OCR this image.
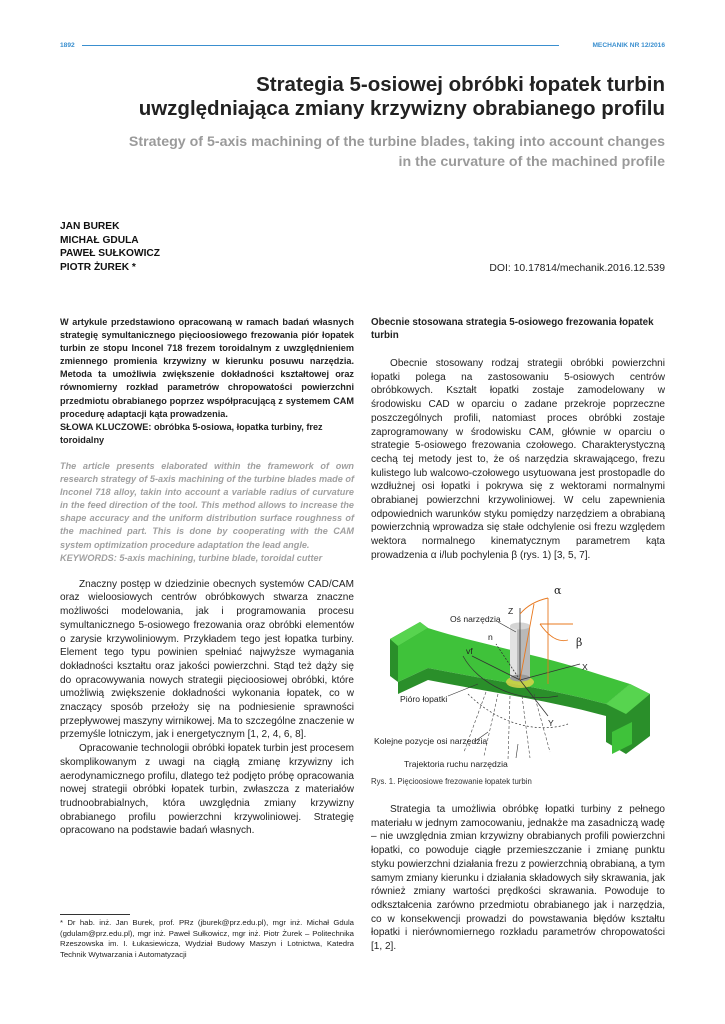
1892	MECHANIK NR 12/2016
Strategia 5-osiowej obróbki łopatek turbin
uwzględniająca zmiany krzywizny obrabianego profilu
Strategy of 5-axis machining of the turbine blades, taking into account changes
in the curvature of the machined profile
JAN BUREK
MICHAŁ GDULA
PAWEŁ SUŁKOWICZ
PIOTR ŻUREK *	DOI: 10.17814/mechanik.2016.12.539

W artykule przedstawiono opracowaną w ramach badań własnych strategię symultanicznego pięcioosiowego frezowania piór łopatek turbin ze stopu Inconel 718 frezem toroidalnym z uwzględnieniem zmiennego promienia krzywizny w kierunku posuwu narzędzia. Metoda ta umożliwia zwiększenie dokładności kształtowej oraz równomierny rozkład parametrów chropowatości powierzchni przedmiotu obrabianego poprzez współpracującą z systemem CAM procedurę adaptacji kąta prowadzenia.

SŁOWA KLUCZOWE: obróbka 5-osiowa, łopatka turbiny, frez toroidalny

The article presents elaborated within the framework of own research strategy of 5-axis machining of the turbine blades made of Inconel 718 alloy, takin into account a variable radius of curvature in the feed direction of the tool. This method allows to increase the shape accuracy and the uniform distribution surface roughness of the machined part. This is done by cooperating with the CAM system optimization procedure adaptation the lead angle.

KEYWORDS: 5-axis machining, turbine blade, toroidal cutter

Znaczny postęp w dziedzinie obecnych systemów CAD/CAM oraz wieloosiowych centrów obróbkowych stwarza znaczne możliwości modelowania, jak i programowania procesu symultanicznego 5-osiowego frezowania oraz obróbki elementów o zarysie krzywoliniowym. Przykładem tego jest łopatka turbiny. Element tego typu powinien spełniać najwyższe wymagania dokładności kształtu oraz jakości powierzchni. Stąd też dąży się do opracowywania nowych strategii pięcioosiowej obróbki, które umożliwią zwiększenie dokładności wykonania łopatek, co w znaczący sposób przełoży się na podniesienie sprawności przepływowej maszyny wirnikowej. Ma to szczególne znaczenie w przemyśle lotniczym, jak i energetycznym [1, 2, 4, 6, 8].

Opracowanie technologii obróbki łopatek turbin jest procesem skomplikowanym z uwagi na ciągłą zmianę krzywizny ich aerodynamicznego profilu, dlatego też podjęto próbę opracowania nowej strategii obróbki łopatek turbin, zwłaszcza z materiałów trudnoobrabialnych, która uwzględnia zmiany krzywizny obrabianego profilu powierzchni krzywoliniowej. Strategię opracowano na podstawie badań własnych.

* Dr hab. inż. Jan Burek, prof. PRz (jburek@prz.edu.pl), mgr inż. Michał Gdula (gdulam@prz.edu.pl), mgr inż. Paweł Sułkowicz, mgr inż. Piotr Żurek – Politechnika Rzeszowska im. I. Łukasiewicza, Wydział Budowy Maszyn i Lotnictwa, Katedra Technik Wytwarzania i Automatyzacji
Obecnie stosowana strategia 5-osiowego frezowania łopatek turbin

Obecnie stosowany rodzaj strategii obróbki powierzchni łopatki polega na zastosowaniu 5-osiowych centrów obróbkowych. Kształt łopatki zostaje zamodelowany w środowisku CAD w oparciu o zadane przekroje poprzeczne poszczególnych profili, natomiast proces obróbki zostaje zaprogramowany w środowisku CAM, głównie w oparciu o strategie 5-osiowego frezowania czołowego. Charakterystyczną cechą tej metody jest to, że oś narzędzia skrawającego, frezu kulistego lub walcowo-czołowego usytuowana jest prostopadle do wzdłużnej osi łopatki i pokrywa się z wektorami normalnymi obrabianej powierzchni krzywoliniowej. W celu zapewnienia odpowiednich warunków styku pomiędzy narzędziem a obrabianą powierzchnią wprowadza się stałe odchylenie osi frezu względem wektora normalnego kinematycznym parametrem kąta prowadzenia α i/lub pochylenia β (rys. 1) [3, 5, 7].

α
β
Z
X
Y
n
vf
Oś narzędzia
Pióro łopatki
Kolejne pozycje osi narzędzia
Trajektoria ruchu narzędzia
Rys. 1. Pięcioosiowe frezowanie łopatek turbin

Strategia ta umożliwia obróbkę łopatki turbiny z pełnego materiału w jednym zamocowaniu, jednakże ma zasadniczą wadę – nie uwzględnia zmian krzywizny obrabianych profili powierzchni łopatki, co powoduje ciągłe przemieszczanie i zmianę punktu styku powierzchni działania frezu z powierzchnią obrabianą, a tym samym zmiany kierunku i działania składowych siły skrawania, jak również zmiany wartości prędkości skrawania. Powoduje to odkształcenia zarówno przedmiotu obrabianego jak i narzędzia, co w konsekwencji prowadzi do powstawania błędów kształtu łopatki i nierównomiernego rozkładu parametrów chropowatości [1, 2].
